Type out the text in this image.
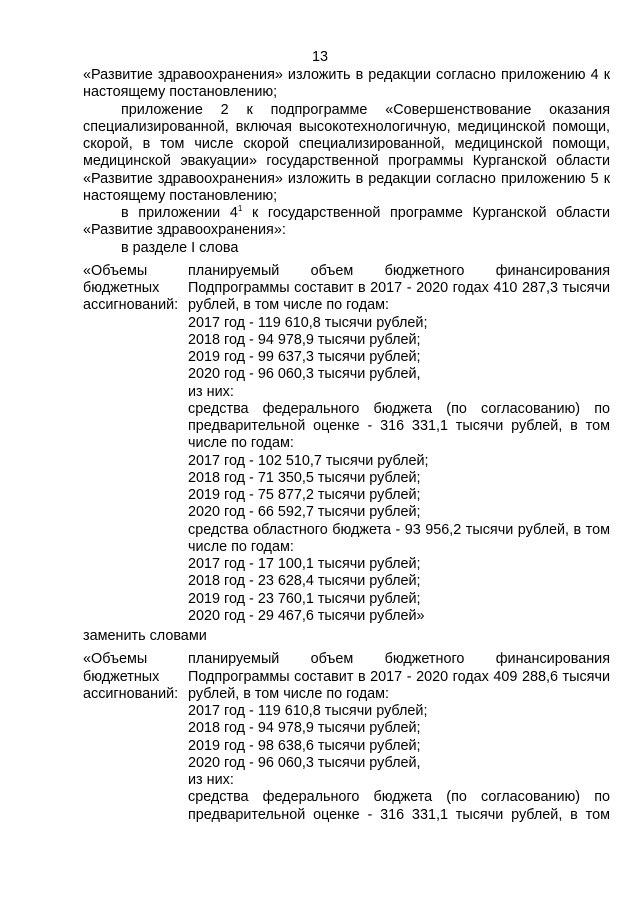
13

«Развитие здравоохранения» изложить в редакции согласно приложению 4 к настоящему постановлению;

приложение 2 к подпрограмме «Совершенствование оказания специализированной, включая высокотехнологичную, медицинской помощи, скорой, в том числе скорой специализированной, медицинской помощи, медицинской эвакуации» государственной программы Курганской области «Развитие здравоохранения» изложить в редакции согласно приложению 5 к настоящему постановлению;

в приложении $4^1$ к государственной программе Курганской области «Развитие здравоохранения»:

в разделе I слова

«Объемы
бюджетных
ассигнований:

планируемый объем бюджетного финансирования Подпрограммы составит в 2017 - 2020 годах 410 287,3 тысячи рублей, в том числе по годам:

2017 год - 119 610,8 тысячи рублей;
2018 год - 94 978,9 тысячи рублей;
2019 год - 99 637,3 тысячи рублей;
2020 год - 96 060,3 тысячи рублей,
из них:

средства федерального бюджета (по согласованию) по предварительной оценке - 316 331,1 тысячи рублей, в том числе по годам:

2017 год - 102 510,7 тысячи рублей;
2018 год - 71 350,5 тысячи рублей;
2019 год - 75 877,2 тысячи рублей;
2020 год - 66 592,7 тысячи рублей;

средства областного бюджета - 93 956,2 тысячи рублей, в том числе по годам:

2017 год - 17 100,1 тысячи рублей;
2018 год - 23 628,4 тысячи рублей;
2019 год - 23 760,1 тысячи рублей;
2020 год - 29 467,6 тысячи рублей»
заменить словами
«Объемы
бюджетных
ассигнований:

планируемый объем бюджетного финансирования Подпрограммы составит в 2017 - 2020 годах 409 288,6 тысячи рублей, в том числе по годам:

2017 год - 119 610,8 тысячи рублей;
2018 год - 94 978,9 тысячи рублей;
2019 год - 98 638,6 тысячи рублей;
2020 год - 96 060,3 тысячи рублей,
из них:

средства федерального бюджета (по согласованию) по предварительной оценке - 316 331,1 тысячи рублей, в том
